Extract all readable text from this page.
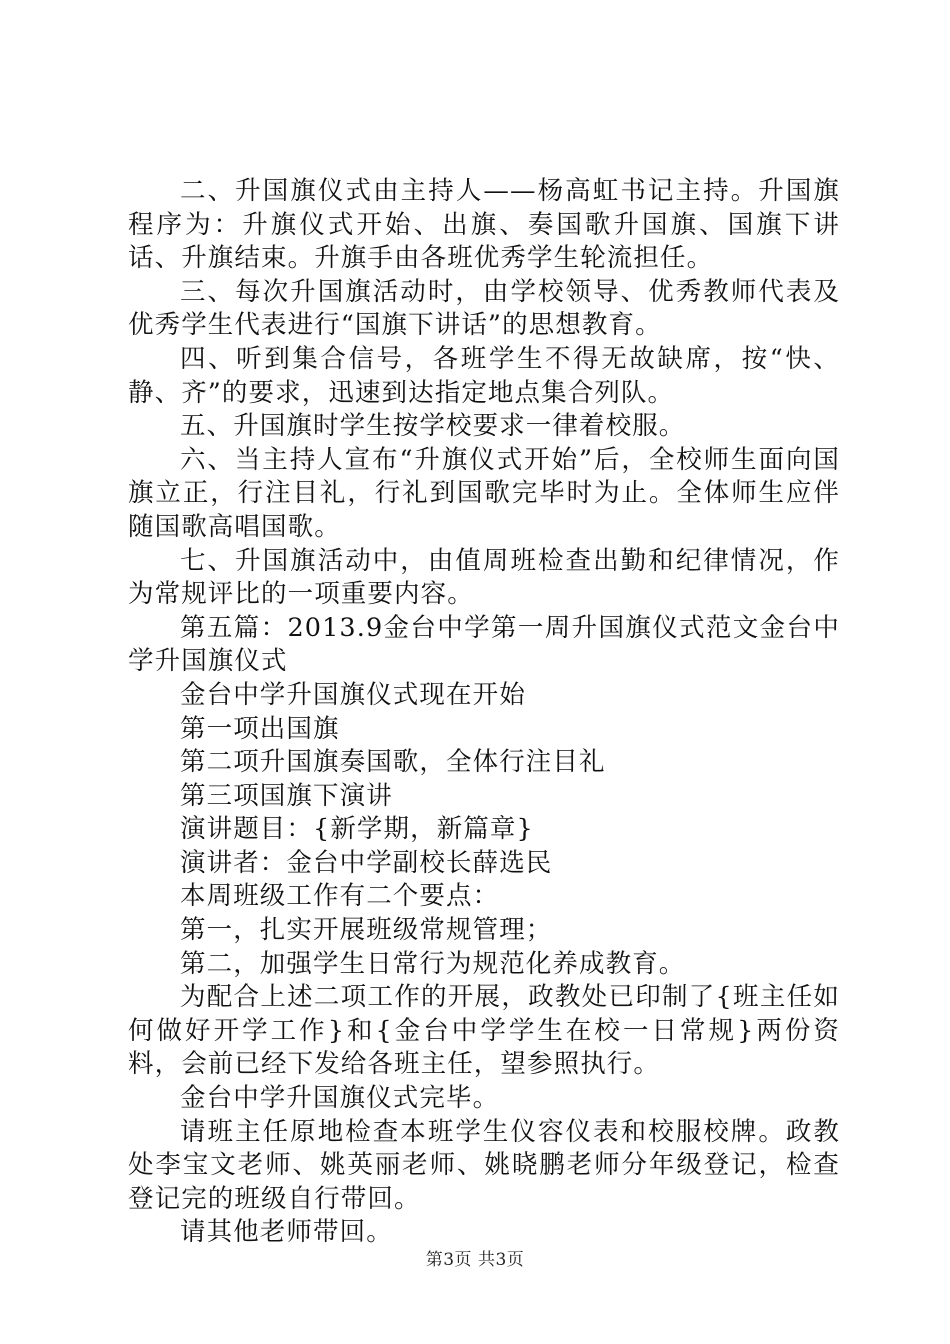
二、升国旗仪式由主持人——杨高虹书记主持。升国旗程序为：升旗仪式开始、出旗、奏国歌升国旗、国旗下讲话、升旗结束。升旗手由各班优秀学生轮流担任。

三、每次升国旗活动时，由学校领导、优秀教师代表及优秀学生代表进行“国旗下讲话”的思想教育。

四、听到集合信号，各班学生不得无故缺席，按“快、静、齐”的要求，迅速到达指定地点集合列队。

五、升国旗时学生按学校要求一律着校服。

六、当主持人宣布“升旗仪式开始”后，全校师生面向国旗立正，行注目礼，行礼到国歌完毕时为止。全体师生应伴随国歌高唱国歌。

七、升国旗活动中，由值周班检查出勤和纪律情况，作为常规评比的一项重要内容。

第五篇：2013.9金台中学第一周升国旗仪式范文金台中学升国旗仪式

金台中学升国旗仪式现在开始

第一项出国旗

第二项升国旗奏国歌，全体行注目礼

第三项国旗下演讲

演讲题目：{新学期，新篇章}

演讲者：金台中学副校长薛选民

本周班级工作有二个要点：

第一，扎实开展班级常规管理；

第二，加强学生日常行为规范化养成教育。

为配合上述二项工作的开展，政教处已印制了{班主任如何做好开学工作}和{金台中学学生在校一日常规}两份资料，会前已经下发给各班主任，望参照执行。

金台中学升国旗仪式完毕。

请班主任原地检查本班学生仪容仪表和校服校牌。政教处李宝文老师、姚英丽老师、姚晓鹏老师分年级登记，检查登记完的班级自行带回。

请其他老师带回。

第3页 共3页
